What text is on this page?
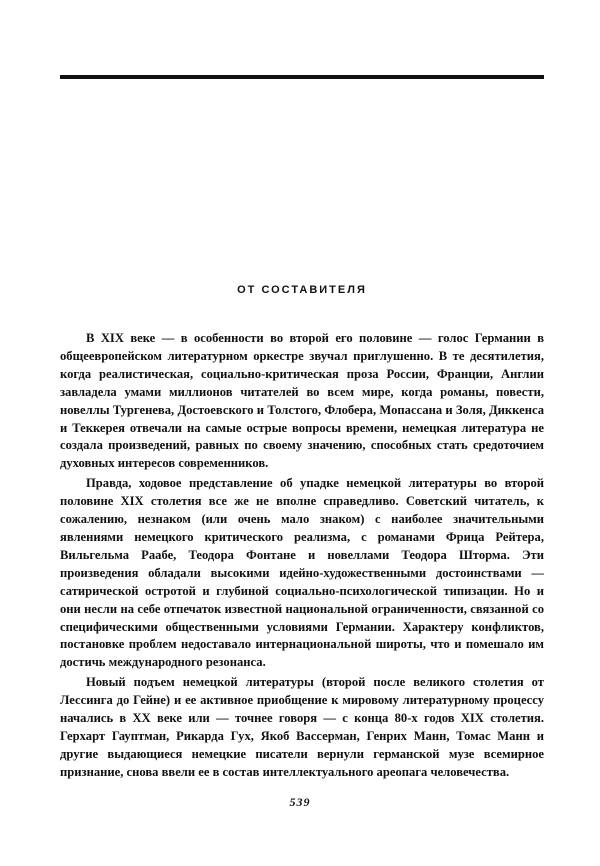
ОТ СОСТАВИТЕЛЯ

В XIX веке — в особенности во второй его половине — голос Германии в общеевропейском литературном оркестре звучал приглушенно. В те десятилетия, когда реалистическая, социально-критическая проза России, Франции, Англии завладела умами миллионов читателей во всем мире, когда романы, повести, новеллы Тургенева, Достоевского и Толстого, Флобера, Мопассана и Золя, Диккенса и Теккерея отвечали на самые острые вопросы времени, немецкая литература не создала произведений, равных по своему значению, способных стать средоточием духовных интересов современников.

Правда, ходовое представление об упадке немецкой литературы во второй половине XIX столетия все же не вполне справедливо. Советский читатель, к сожалению, незнаком (или очень мало знаком) с наиболее значительными явлениями немецкого критического реализма, с романами Фрица Рейтера, Вильгельма Раабе, Теодора Фонтане и новеллами Теодора Шторма. Эти произведения обладали высокими идейно-художественными достоинствами — сатирической остротой и глубиной социально-психологической типизации. Но и они несли на себе отпечаток известной национальной ограниченности, связанной со специфическими общественными условиями Германии. Характеру конфликтов, постановке проблем недоставало интернациональной широты, что и помешало им достичь международного резонанса.

Новый подъем немецкой литературы (второй после великого столетия от Лессинга до Гейне) и ее активное приобщение к мировому литературному процессу начались в XX веке или — точнее говоря — с конца 80-х годов XIX столетия. Герхарт Гауптман, Рикарда Гух, Якоб Вассерман, Генрих Манн, Томас Манн и другие выдающиеся немецкие писатели вернули германской музе всемирное признание, снова ввели ее в состав интеллектуального ареопага человечества.

539
